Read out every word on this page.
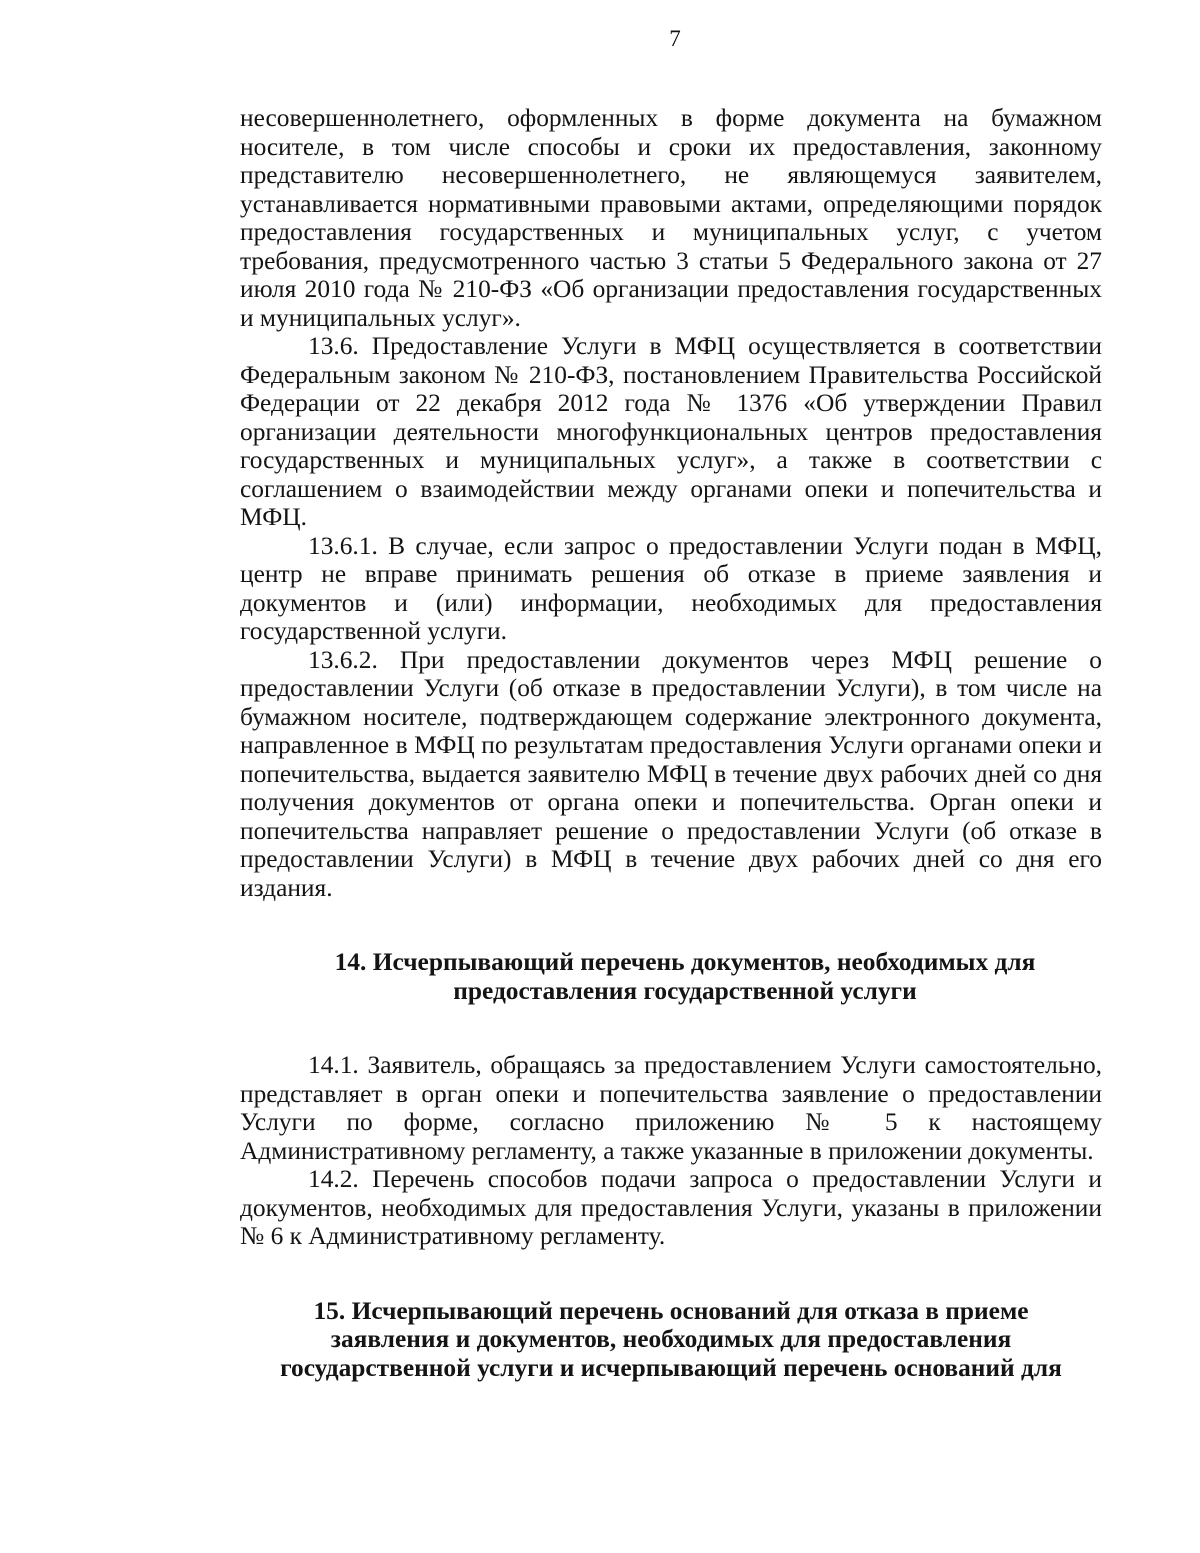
7

несовершеннолетнего, оформленных в форме документа на бумажном носителе, в том числе способы и сроки их предоставления, законному представителю несовершеннолетнего, не являющемуся заявителем, устанавливается нормативными правовыми актами, определяющими порядок предоставления государственных и муниципальных услуг, с учетом требования, предусмотренного частью 3 статьи 5 Федерального закона от 27 июля 2010 года № 210-ФЗ «Об организации предоставления государственных и муниципальных услуг».

13.6. Предоставление Услуги в МФЦ осуществляется в соответствии Федеральным законом № 210-ФЗ, постановлением Правительства Российской Федерации от 22 декабря 2012 года № 1376 «Об утверждении Правил организации деятельности многофункциональных центров предоставления государственных и муниципальных услуг», а также в соответствии с соглашением о взаимодействии между органами опеки и попечительства и МФЦ.

13.6.1. В случае, если запрос о предоставлении Услуги подан в МФЦ, центр не вправе принимать решения об отказе в приеме заявления и документов и (или) информации, необходимых для предоставления государственной услуги.

13.6.2. При предоставлении документов через МФЦ решение о предоставлении Услуги (об отказе в предоставлении Услуги), в том числе на бумажном носителе, подтверждающем содержание электронного документа, направленное в МФЦ по результатам предоставления Услуги органами опеки и попечительства, выдается заявителю МФЦ в течение двух рабочих дней со дня получения документов от органа опеки и попечительства. Орган опеки и попечительства направляет решение о предоставлении Услуги (об отказе в предоставлении Услуги) в МФЦ в течение двух рабочих дней со дня его издания.

14. Исчерпывающий перечень документов, необходимых для
предоставления государственной услуги

14.1. Заявитель, обращаясь за предоставлением Услуги самостоятельно, представляет в орган опеки и попечительства заявление о предоставлении Услуги по форме, согласно приложению № 5 к настоящему Административному регламенту, а также указанные в приложении документы.

14.2. Перечень способов подачи запроса о предоставлении Услуги и документов, необходимых для предоставления Услуги, указаны в приложении № 6 к Административному регламенту.

15. Исчерпывающий перечень оснований для отказа в приеме
заявления и документов, необходимых для предоставления
государственной услуги и исчерпывающий перечень оснований для
